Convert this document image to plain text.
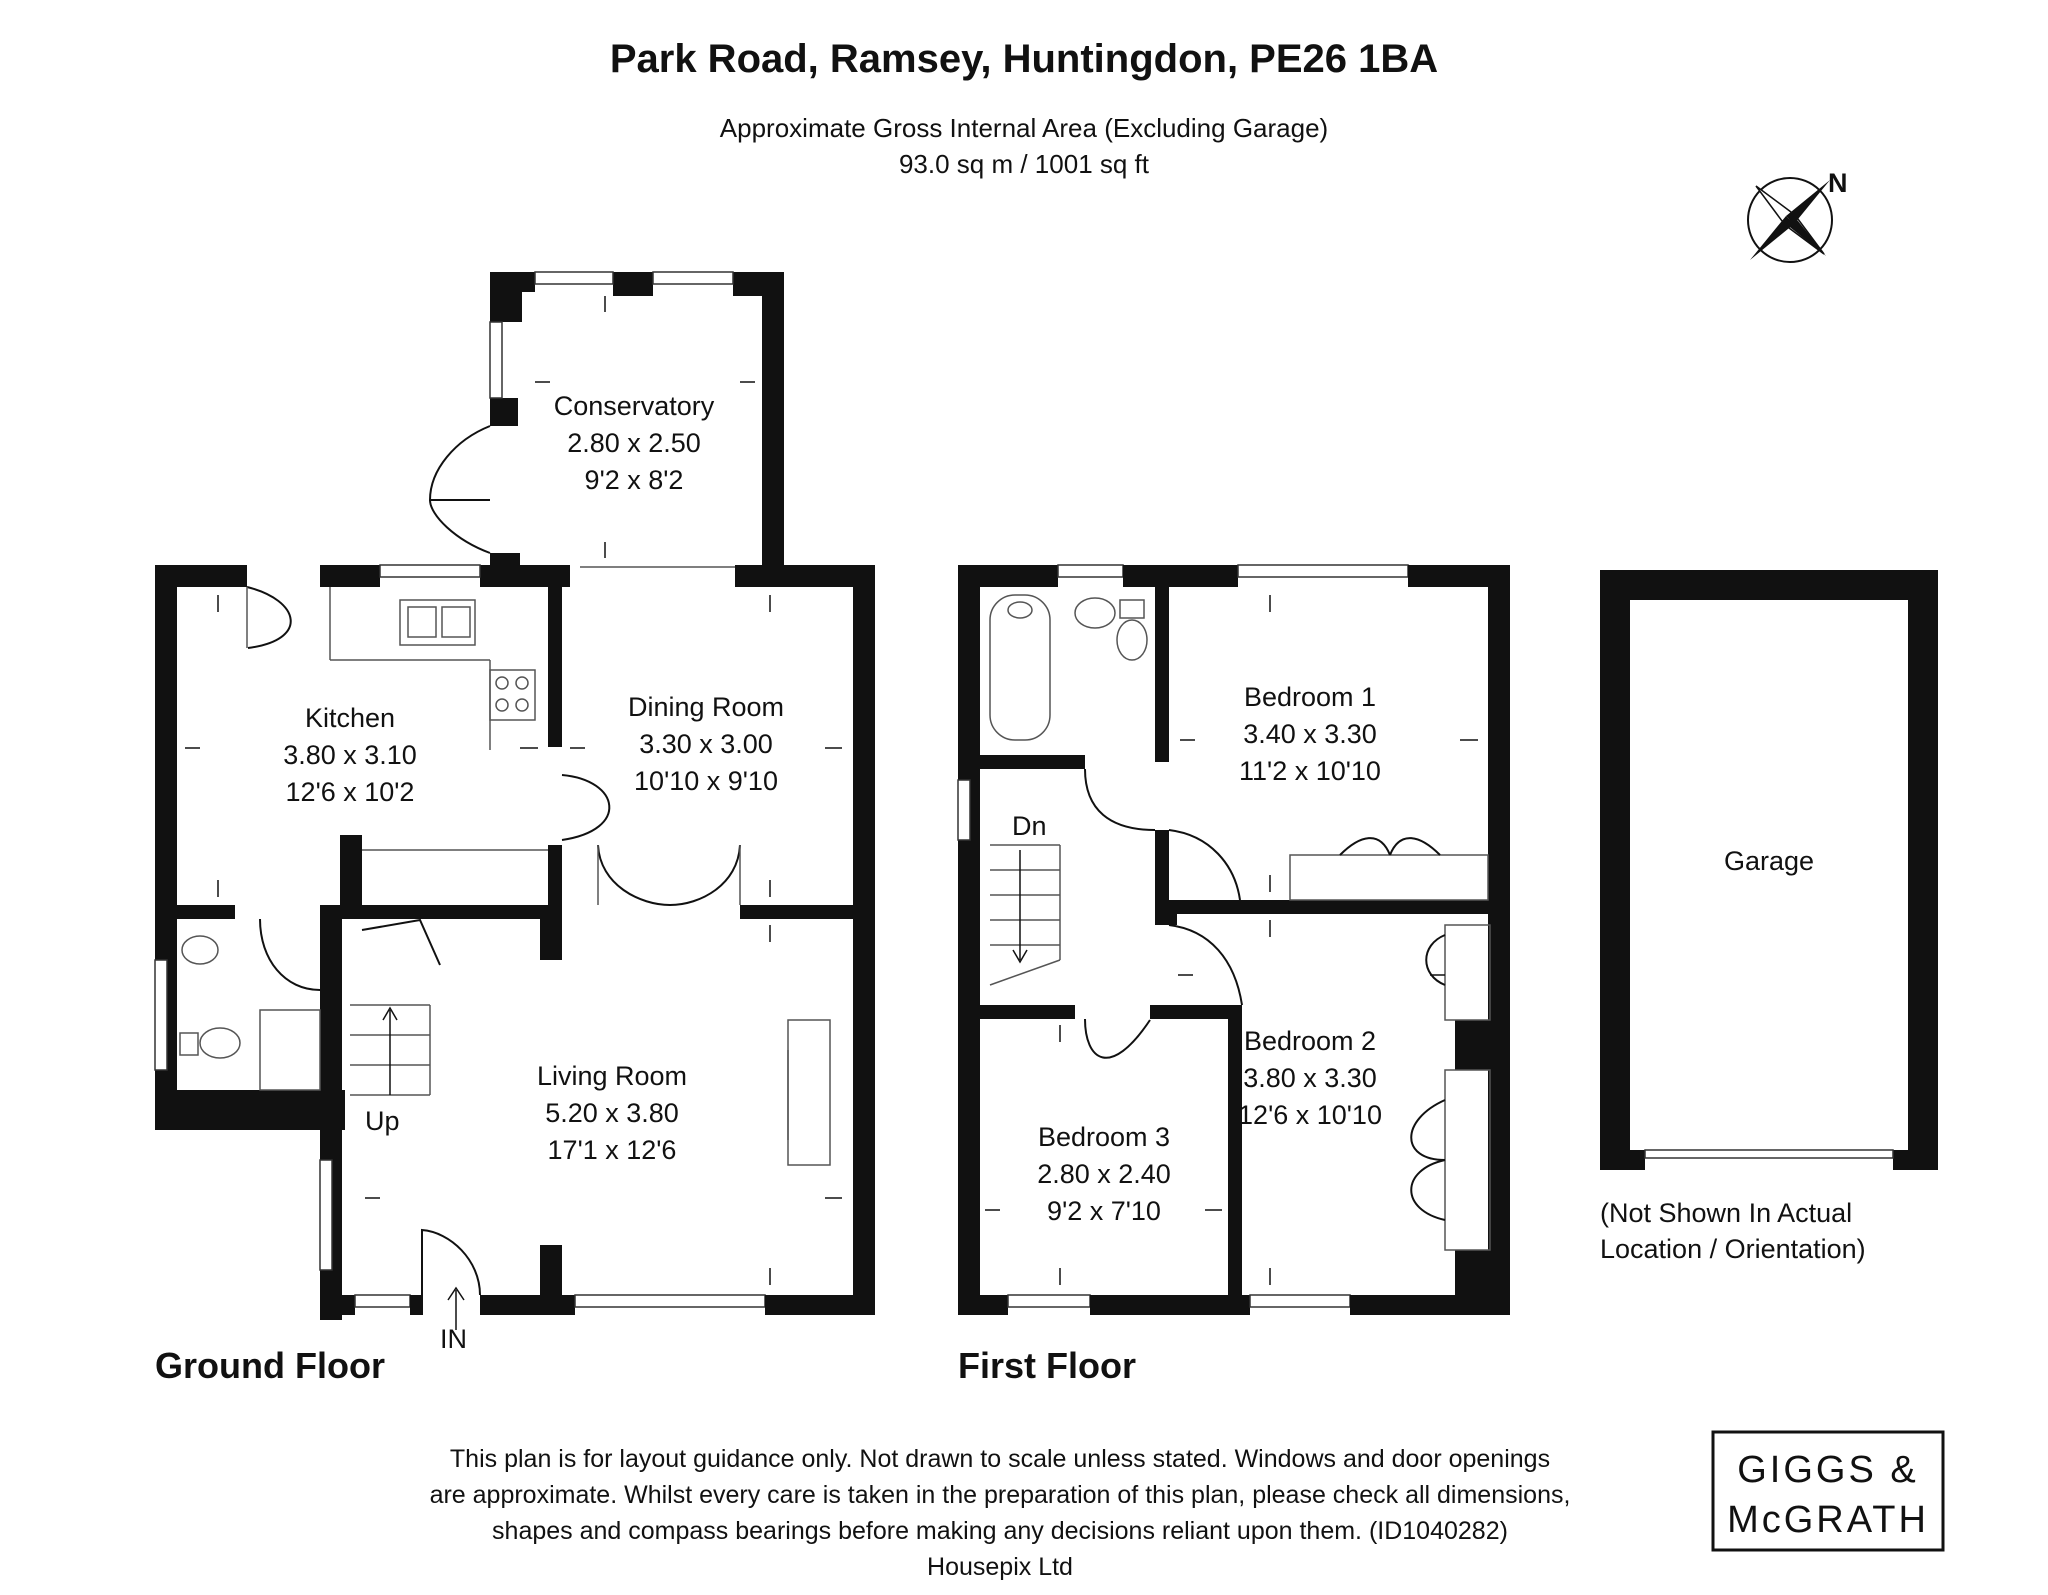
Park Road, Ramsey, Huntingdon, PE26 1BA
Approximate Gross Internal Area (Excluding Garage)
93.0 sq m / 1001 sq ft
N
Conservatory
2.80 x 2.50
9'2 x 8'2
Kitchen
3.80 x 3.10
12'6 x 10'2
Dining Room
3.30 x 3.00
10'10 x 9'10
Living Room
5.20 x 3.80
17'1 x 12'6
Up
IN
Ground Floor
Bedroom 1
3.40 x 3.30
11'2 x 10'10
Bedroom 2
3.80 x 3.30
12'6 x 10'10
Bedroom 3
2.80 x 2.40
9'2 x 7'10
Dn
First Floor
Garage
(Not Shown In Actual
Location / Orientation)
This plan is for layout guidance only. Not drawn to scale unless stated. Windows and door openings
are approximate. Whilst every care is taken in the preparation of this plan, please check all dimensions,
shapes and compass bearings before making any decisions reliant upon them. (ID1040282)
Housepix Ltd
GIGGS &
McGRATH
